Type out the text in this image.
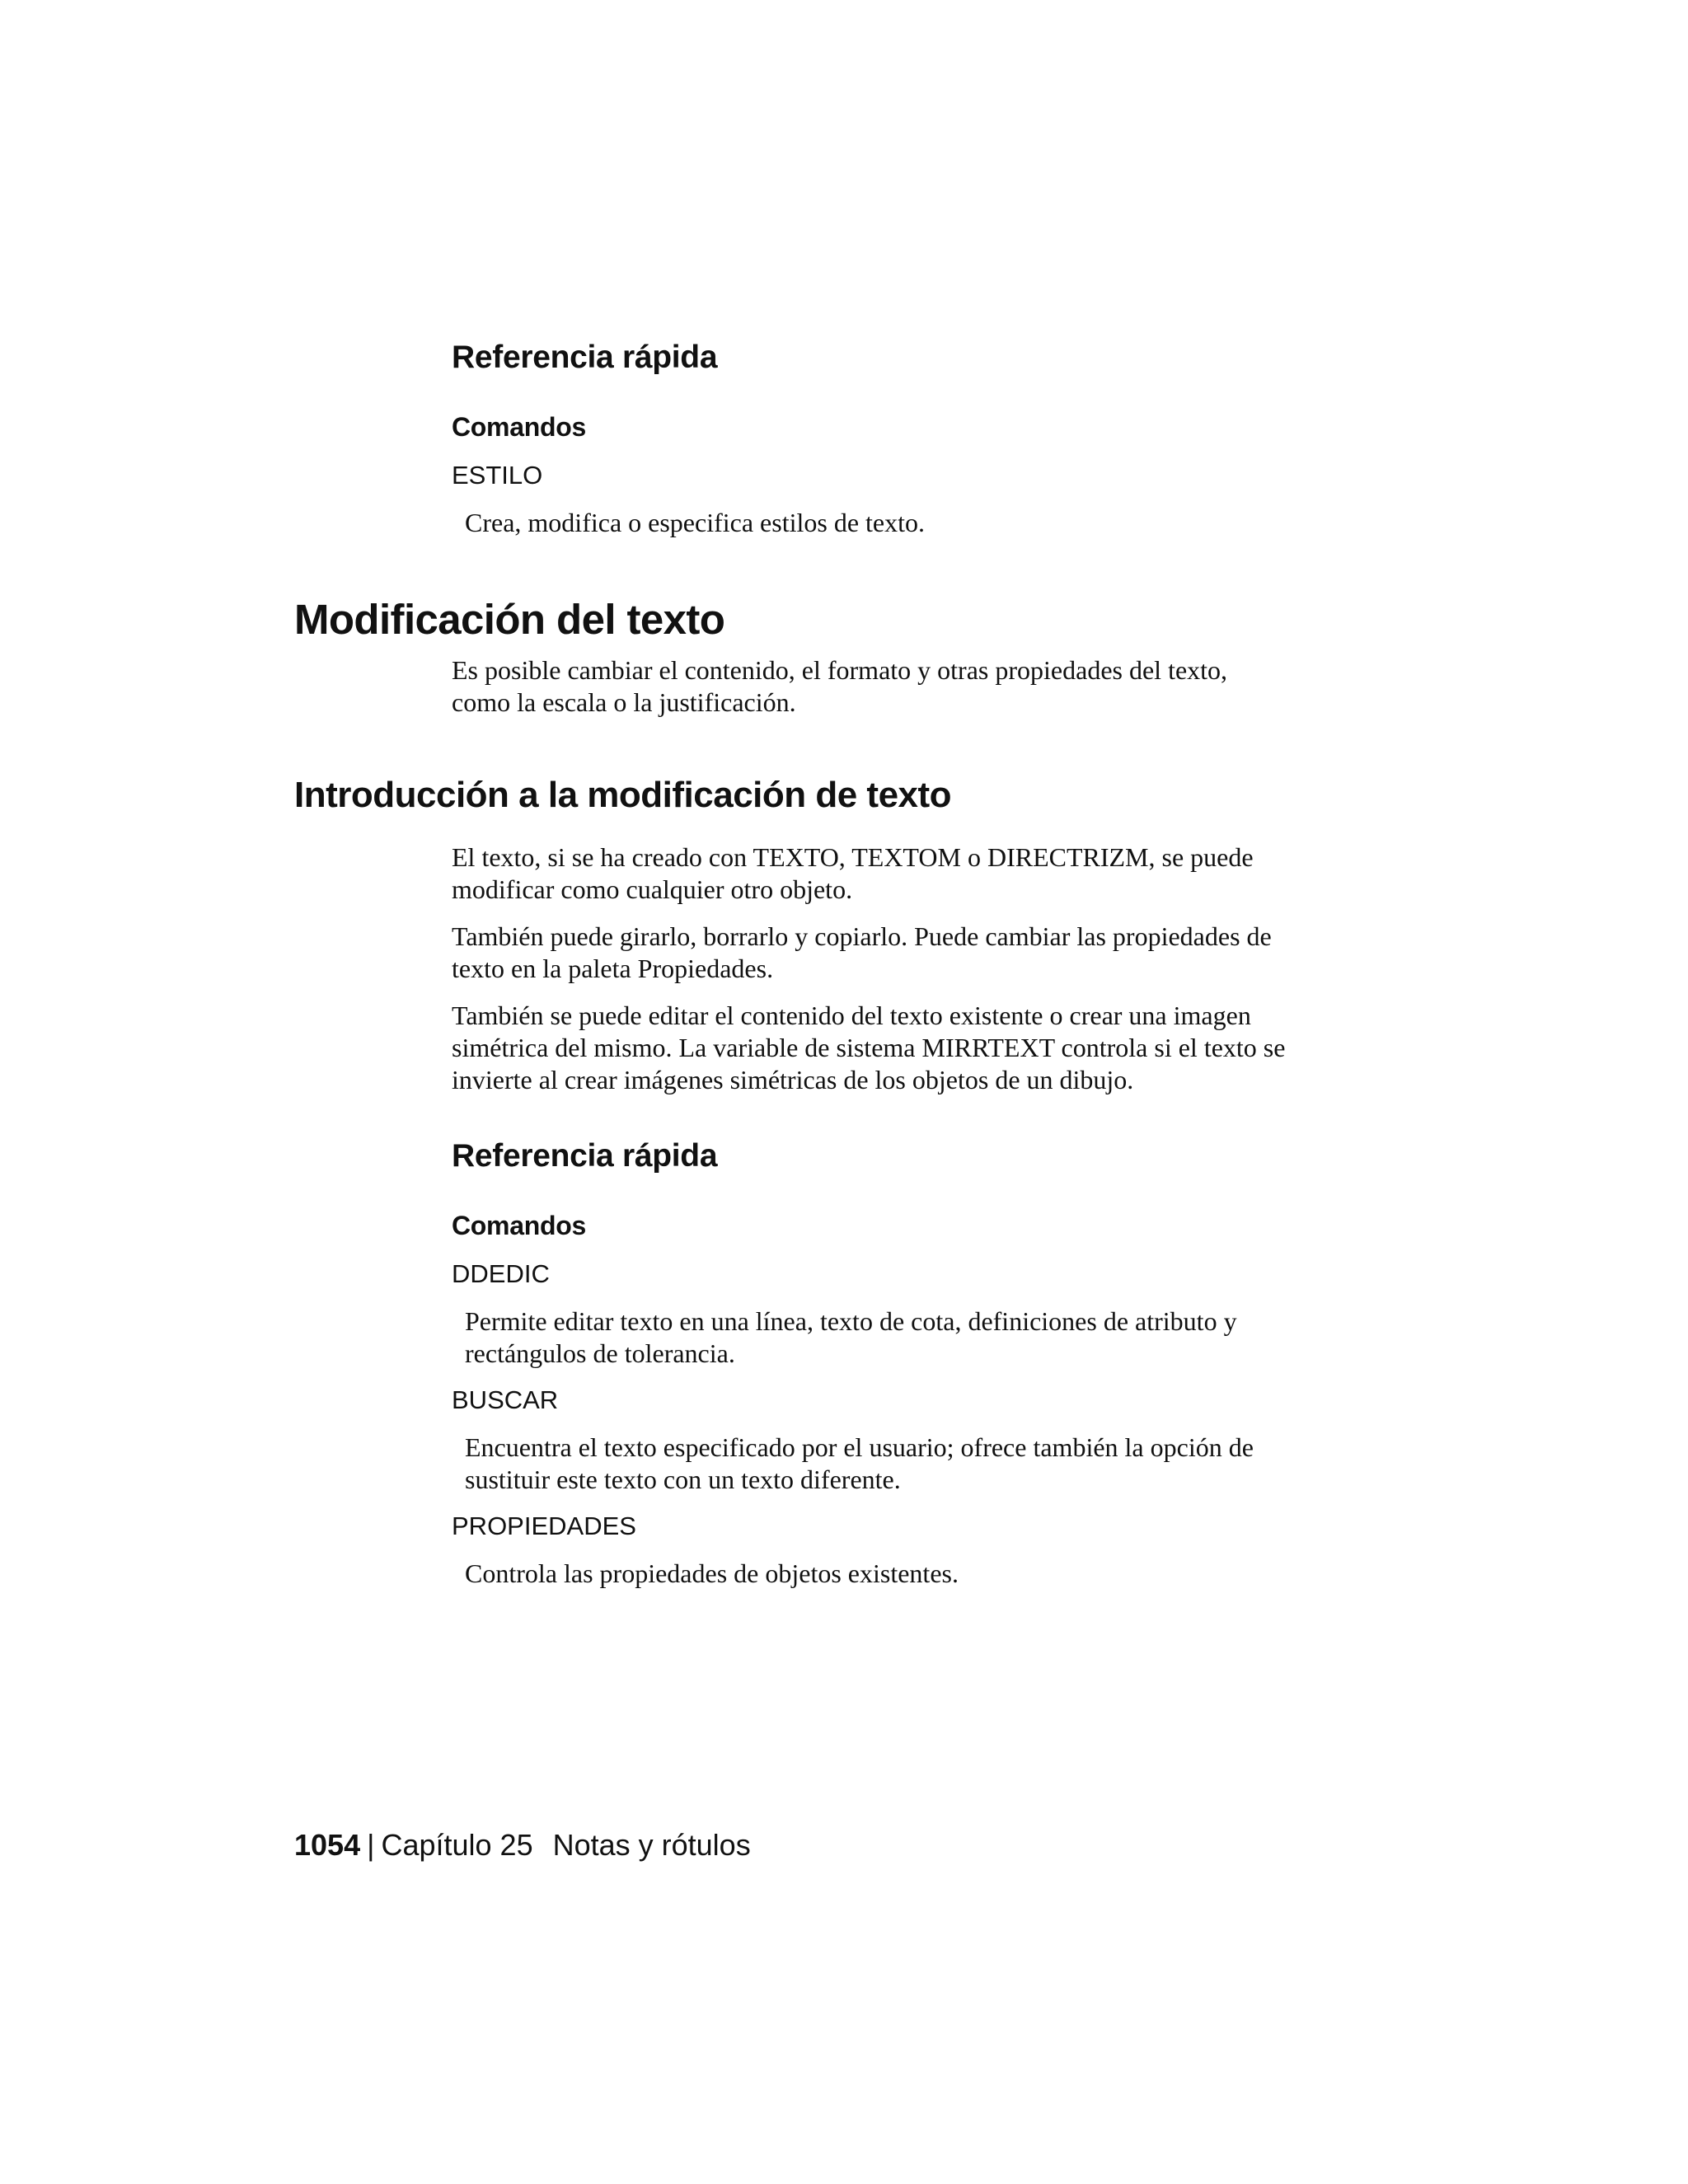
Referencia rápida
Comandos

ESTILO

Crea, modifica o especifica estilos de texto.

Modificación del texto
Es posible cambiar el contenido, el formato y otras propiedades del texto,
como la escala o la justificación.
Introducción a la modificación de texto
El texto, si se ha creado con TEXTO, TEXTOM o DIRECTRIZM, se puede
modificar como cualquier otro objeto.
También puede girarlo, borrarlo y copiarlo. Puede cambiar las propiedades de
texto en la paleta Propiedades.
También se puede editar el contenido del texto existente o crear una imagen
simétrica del mismo. La variable de sistema MIRRTEXT controla si el texto se
invierte al crear imágenes simétricas de los objetos de un dibujo.
Referencia rápida
Comandos

DDEDIC

Permite editar texto en una línea, texto de cota, definiciones de atributo y
rectángulos de tolerancia.

BUSCAR

Encuentra el texto especificado por el usuario; ofrece también la opción de
sustituir este texto con un texto diferente.

PROPIEDADES

Controla las propiedades de objetos existentes.

1054 | Capítulo 25 Notas y rótulos
